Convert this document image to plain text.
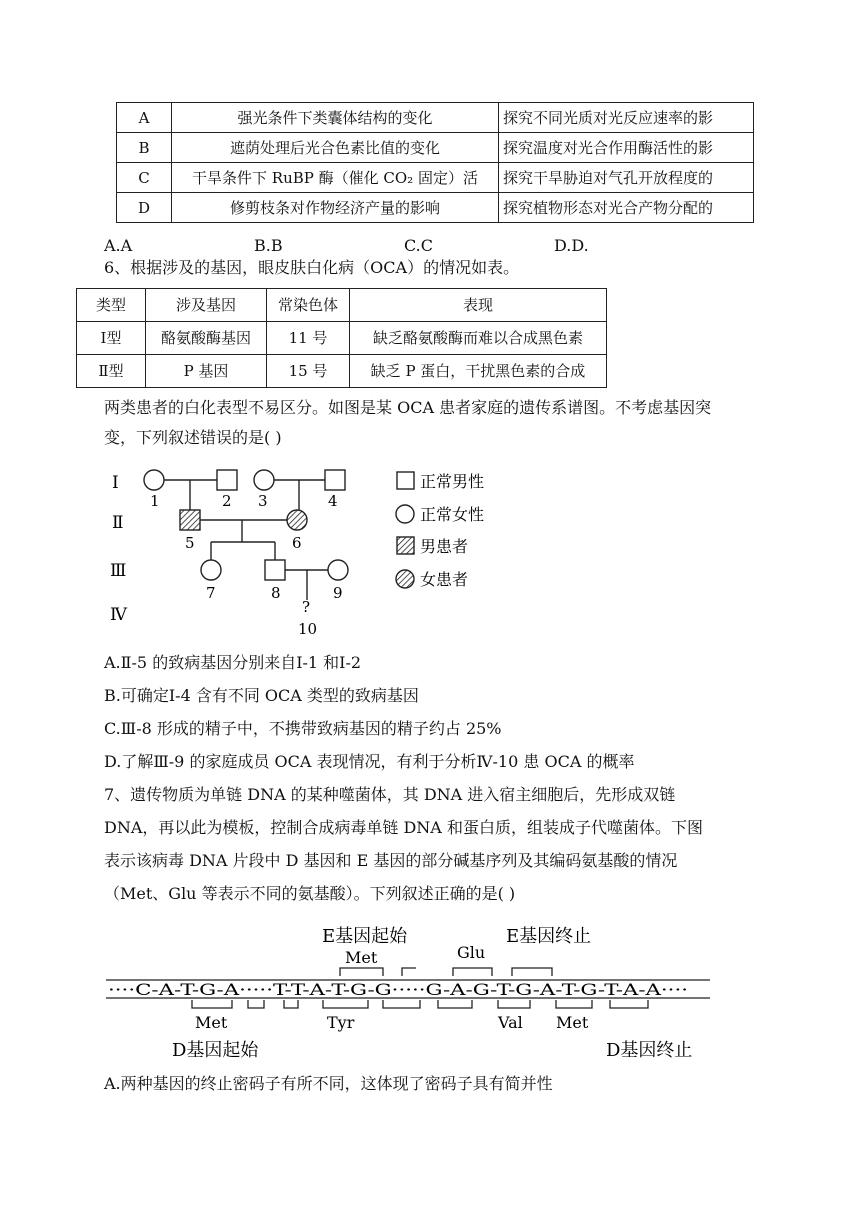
A	强光条件下类囊体结构的变化	探究不同光质对光反应速率的影
B	遮荫处理后光合色素比值的变化	探究温度对光合作用酶活性的影
C	干旱条件下 RuBP 酶（催化 CO₂ 固定）活	探究干旱胁迫对气孔开放程度的
D	修剪枝条对作物经济产量的影响	探究植物形态对光合产物分配的
A.A	B.B	C.C	D.D.
6、根据涉及的基因，眼皮肤白化病（OCA）的情况如表。
类型	涉及基因	常染色体	表现
Ⅰ型	酪氨酸酶基因	11 号	缺乏酪氨酸酶而难以合成黑色素
Ⅱ型	P 基因	15 号	缺乏 P 蛋白，干扰黑色素的合成
两类患者的白化表型不易区分。如图是某 OCA 患者家庭的遗传系谱图。不考虑基因突
变，下列叙述错误的是( )
Ⅰ
Ⅱ
Ⅲ
Ⅳ
1	2 3	4
5	6
7	8	9
?
10
正常男性
正常女性
男患者
女患者
A.Ⅱ-5 的致病基因分别来自Ⅰ-1 和Ⅰ-2
B.可确定Ⅰ-4 含有不同 OCA 类型的致病基因
C.Ⅲ-8 形成的精子中，不携带致病基因的精子约占 25%
D.了解Ⅲ-9 的家庭成员 OCA 表现情况，有利于分析Ⅳ-10 患 OCA 的概率
7、遗传物质为单链 DNA 的某种噬菌体，其 DNA 进入宿主细胞后，先形成双链
DNA，再以此为模板，控制合成病毒单链 DNA 和蛋白质，组装成子代噬菌体。下图
表示该病毒 DNA 片段中 D 基因和 E 基因的部分碱基序列及其编码氨基酸的情况
（Met、Glu 等表示不同的氨基酸）。下列叙述正确的是( )
E基因起始	E基因终止
Met	Glu
····C-A-T-G-A·····T-T-A-T-G-G·····G-A-G-T-G-A-T-G-T-A-A····
Met	Tyr	Val Met
D基因起始	D基因终止
A.两种基因的终止密码子有所不同，这体现了密码子具有简并性
